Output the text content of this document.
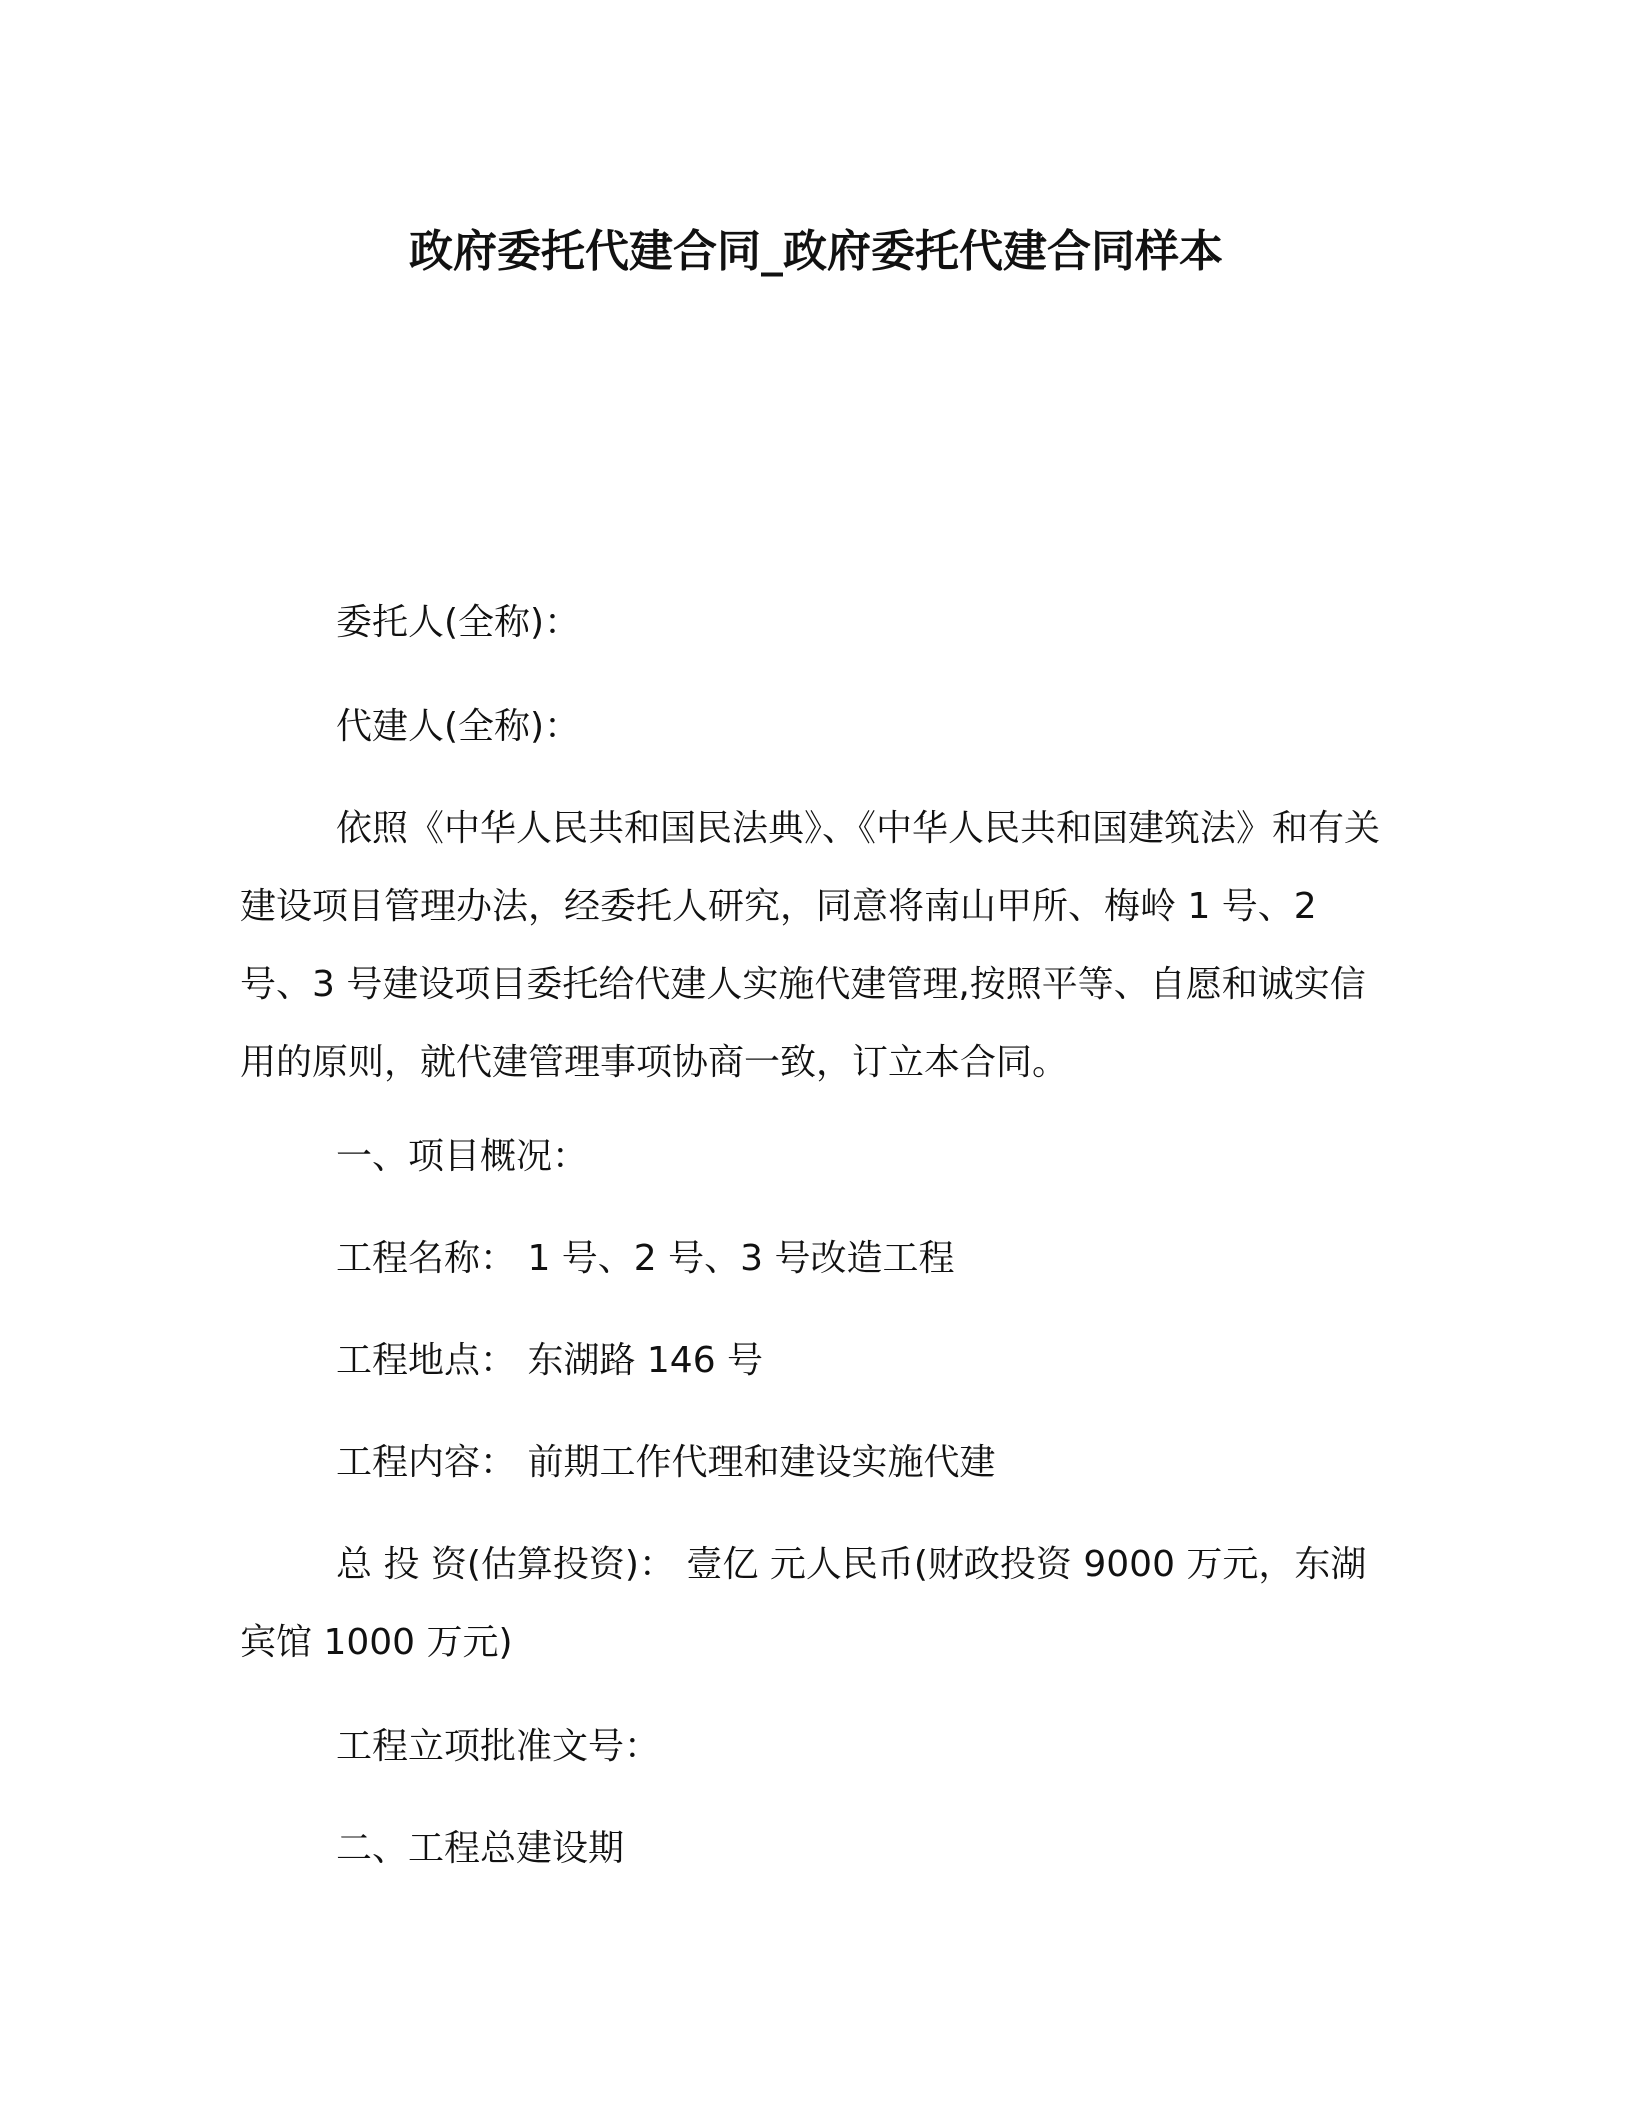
政府委托代建合同_政府委托代建合同样本

委托人(全称)：

代建人(全称)：

依照《中华人民共和国民法典》、《中华人民共和国建筑法》和有关建设项目管理办法，经委托人研究，同意将南山甲所、梅岭 1 号、2 号、3 号建设项目委托给代建人实施代建管理,按照平等、自愿和诚实信用的原则，就代建管理事项协商一致，订立本合同。

一、项目概况：

工程名称： 1 号、2 号、3 号改造工程

工程地点： 东湖路 146 号

工程内容： 前期工作代理和建设实施代建

总 投 资(估算投资)： 壹亿 元人民币(财政投资 9000 万元，东湖宾馆 1000 万元)

工程立项批准文号：

二、工程总建设期
